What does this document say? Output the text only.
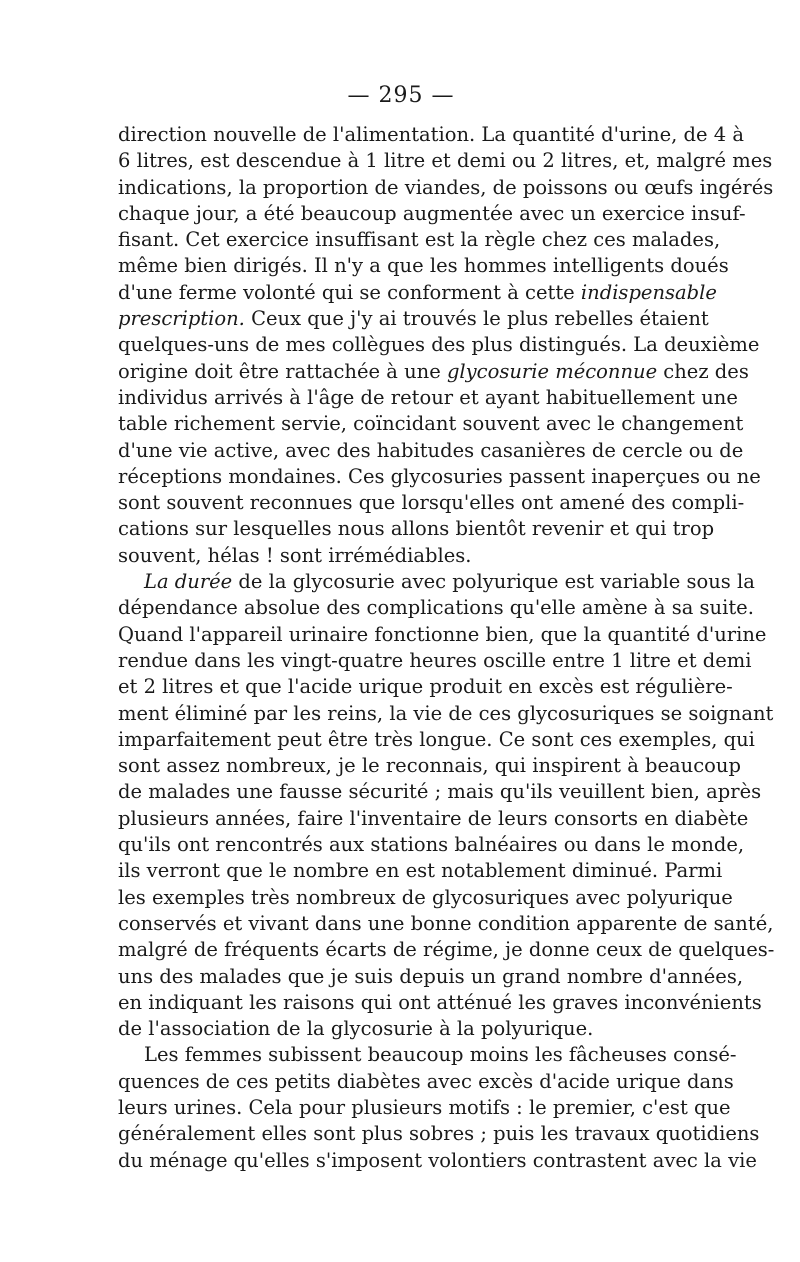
— 295 —
direction nouvelle de l'alimentation. La quantité d'urine, de 4 à
6 litres, est descendue à 1 litre et demi ou 2 litres, et, malgré mes
indications, la proportion de viandes, de poissons ou œufs ingérés
chaque jour, a été beaucoup augmentée avec un exercice insuf-
fisant. Cet exercice insuffisant est la règle chez ces malades,
même bien dirigés. Il n'y a que les hommes intelligents doués
d'une ferme volonté qui se conforment à cette indispensable
prescription. Ceux que j'y ai trouvés le plus rebelles étaient
quelques-uns de mes collègues des plus distingués. La deuxième
origine doit être rattachée à une glycosurie méconnue chez des
individus arrivés à l'âge de retour et ayant habituellement une
table richement servie, coïncidant souvent avec le changement
d'une vie active, avec des habitudes casanières de cercle ou de
réceptions mondaines. Ces glycosuries passent inaperçues ou ne
sont souvent reconnues que lorsqu'elles ont amené des compli-
cations sur lesquelles nous allons bientôt revenir et qui trop
souvent, hélas ! sont irrémédiables.
La durée de la glycosurie avec polyurique est variable sous la
dépendance absolue des complications qu'elle amène à sa suite.
Quand l'appareil urinaire fonctionne bien, que la quantité d'urine
rendue dans les vingt-quatre heures oscille entre 1 litre et demi
et 2 litres et que l'acide urique produit en excès est régulière-
ment éliminé par les reins, la vie de ces glycosuriques se soignant
imparfaitement peut être très longue. Ce sont ces exemples, qui
sont assez nombreux, je le reconnais, qui inspirent à beaucoup
de malades une fausse sécurité ; mais qu'ils veuillent bien, après
plusieurs années, faire l'inventaire de leurs consorts en diabète
qu'ils ont rencontrés aux stations balnéaires ou dans le monde,
ils verront que le nombre en est notablement diminué. Parmi
les exemples très nombreux de glycosuriques avec polyurique
conservés et vivant dans une bonne condition apparente de santé,
malgré de fréquents écarts de régime, je donne ceux de quelques-
uns des malades que je suis depuis un grand nombre d'années,
en indiquant les raisons qui ont atténué les graves inconvénients
de l'association de la glycosurie à la polyurique.
Les femmes subissent beaucoup moins les fâcheuses consé-
quences de ces petits diabètes avec excès d'acide urique dans
leurs urines. Cela pour plusieurs motifs : le premier, c'est que
généralement elles sont plus sobres ; puis les travaux quotidiens
du ménage qu'elles s'imposent volontiers contrastent avec la vie
